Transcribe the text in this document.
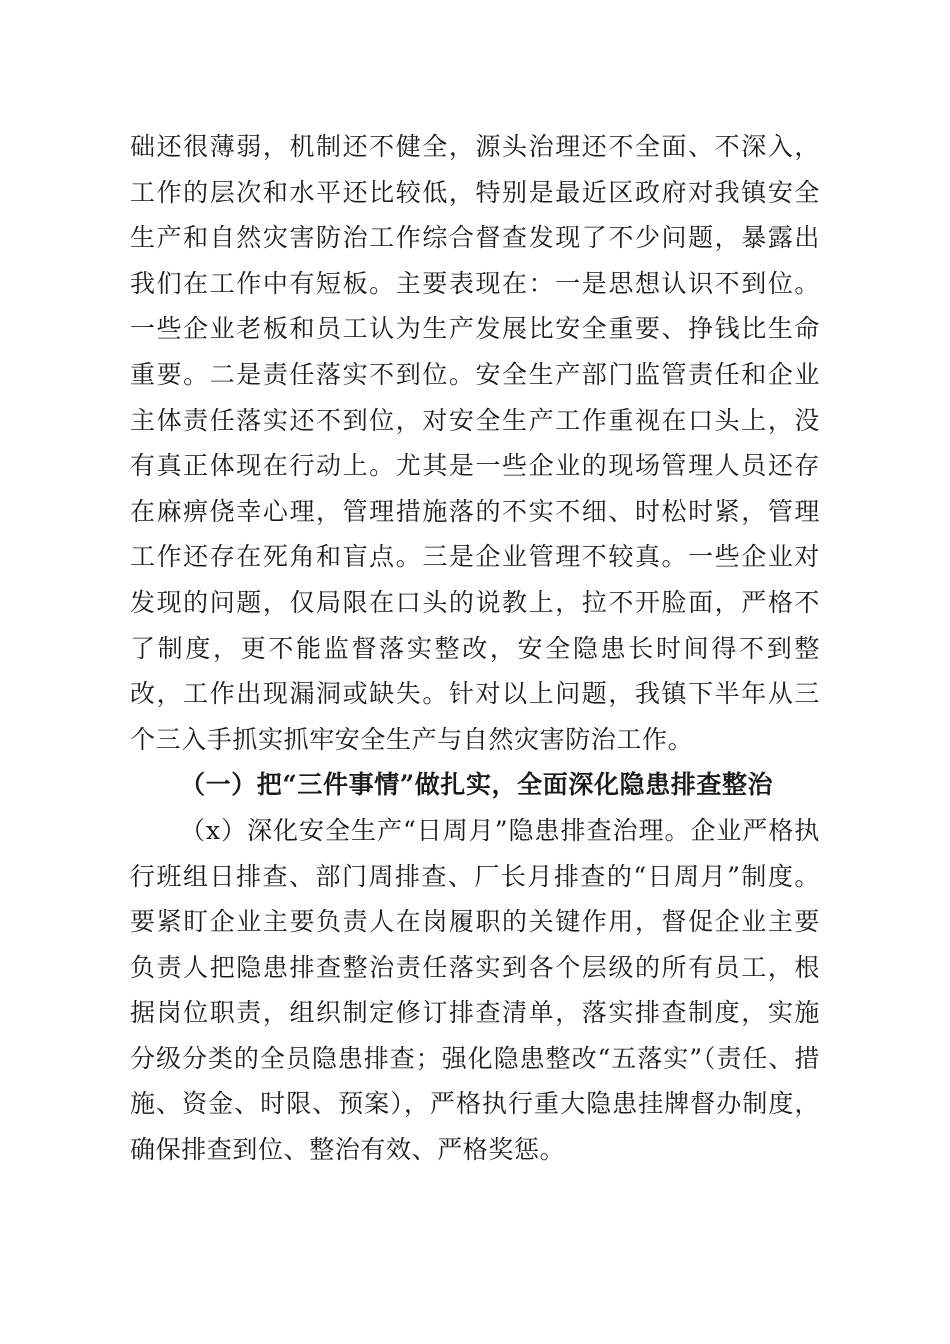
础还很薄弱，机制还不健全，源头治理还不全面、不深入，工作的层次和水平还比较低，特别是最近区政府对我镇安全生产和自然灾害防治工作综合督查发现了不少问题，暴露出我们在工作中有短板。主要表现在：一是思想认识不到位。一些企业老板和员工认为生产发展比安全重要、挣钱比生命重要。二是责任落实不到位。安全生产部门监管责任和企业主体责任落实还不到位，对安全生产工作重视在口头上，没有真正体现在行动上。尤其是一些企业的现场管理人员还存在麻痹侥幸心理，管理措施落的不实不细、时松时紧，管理工作还存在死角和盲点。三是企业管理不较真。一些企业对发现的问题，仅局限在口头的说教上，拉不开脸面，严格不了制度，更不能监督落实整改，安全隐患长时间得不到整改，工作出现漏洞或缺失。针对以上问题，我镇下半年从三个三入手抓实抓牢安全生产与自然灾害防治工作。

（一）把“三件事情”做扎实，全面深化隐患排查整治

（x）深化安全生产“日周月”隐患排查治理。企业严格执行班组日排查、部门周排查、厂长月排查的“日周月”制度。要紧盯企业主要负责人在岗履职的关键作用，督促企业主要负责人把隐患排查整治责任落实到各个层级的所有员工，根据岗位职责，组织制定修订排查清单，落实排查制度，实施分级分类的全员隐患排查；强化隐患整改“五落实”（责任、措施、资金、时限、预案），严格执行重大隐患挂牌督办制度，确保排查到位、整治有效、严格奖惩。
